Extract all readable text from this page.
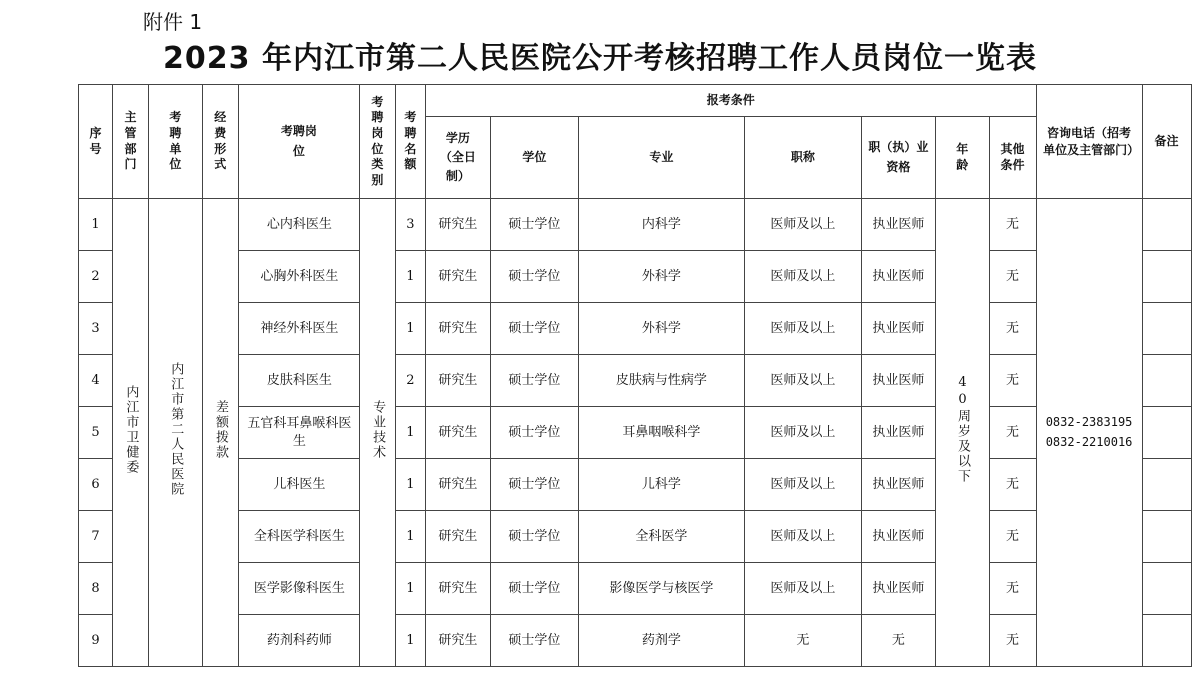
附件 1
2023 年内江市第二人民医院公开考核招聘工作人员岗位一览表
序号	主管部门	考聘单位	经费形式	考聘岗位	考聘岗位类别	考聘名额	报考条件							咨询电话（招考单位及主管部门）	备注
							学历（全日制）	学位	专业	职称	职（执）业资格	年龄	其他条件		
1	内江市卫健委	内江市第二人民医院	差额拨款	心内科医生	专业技术	3	研究生	硕士学位	内科学	医师及以上	执业医师	40周岁及以下	无	0832-2383195
0832-2210016	

2				心胸外科医生		1	研究生	硕士学位	外科学	医师及以上	执业医师		无		
3				神经外科医生		1	研究生	硕士学位	外科学	医师及以上	执业医师		无		
4				皮肤科医生		2	研究生	硕士学位	皮肤病与性病学	医师及以上	执业医师		无		
5				五官科耳鼻喉科医生		1	研究生	硕士学位	耳鼻咽喉科学	医师及以上	执业医师		无		
6				儿科医生		1	研究生	硕士学位	儿科学	医师及以上	执业医师		无		
7				全科医学科医生		1	研究生	硕士学位	全科医学	医师及以上	执业医师		无		
8				医学影像科医生		1	研究生	硕士学位	影像医学与核医学	医师及以上	执业医师		无		
9				药剂科药师		1	研究生	硕士学位	药剂学	无	无		无		
